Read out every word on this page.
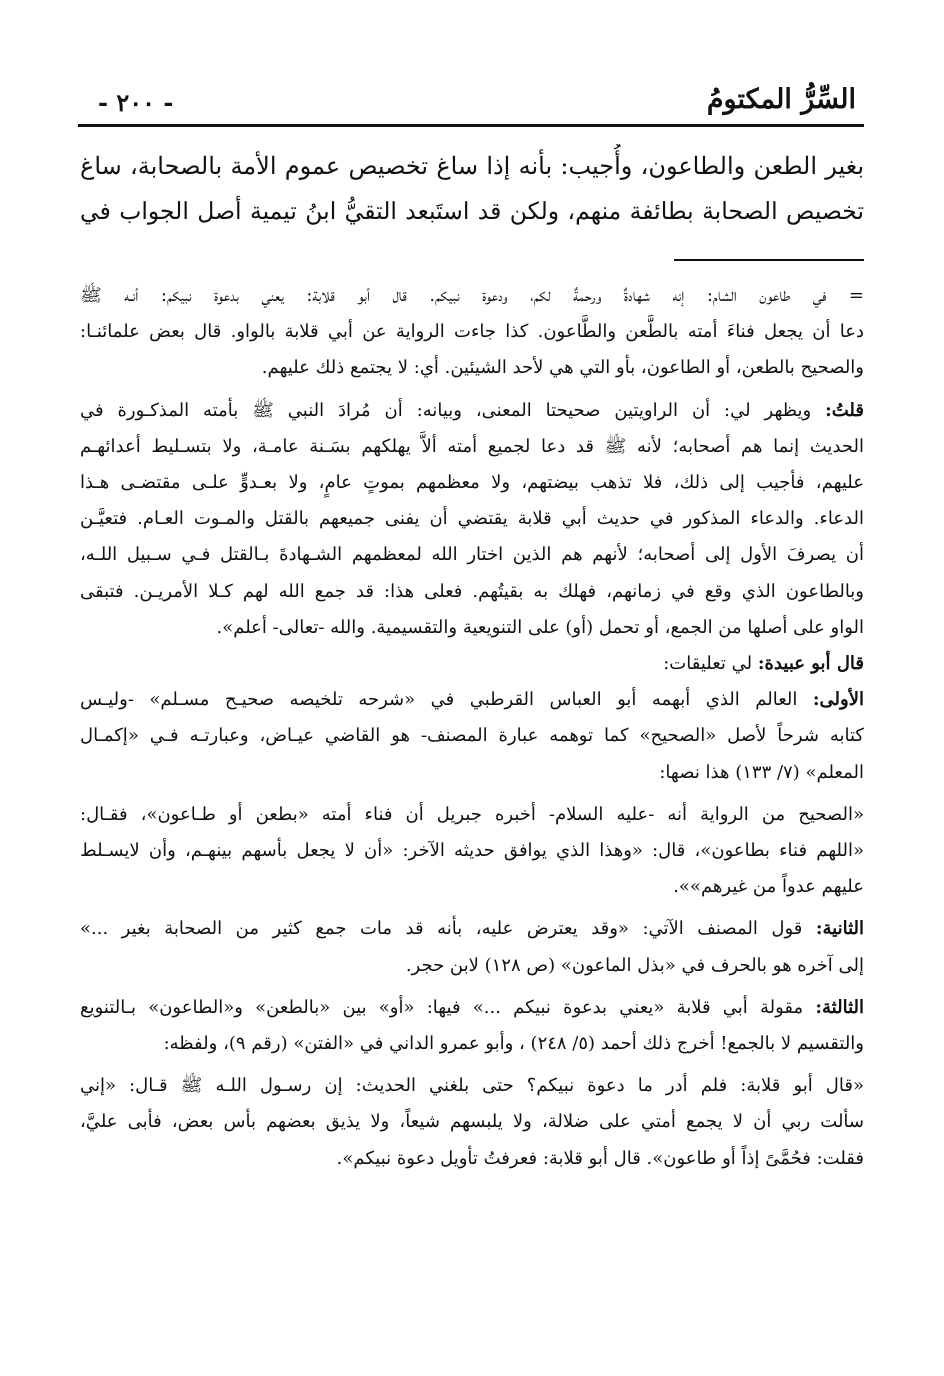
السِّرُّ المكتومُ
- ٢٠٠ -

بغير الطعن والطاعون، وأُجيب: بأنه إذا ساغ تخصيص عموم الأمة بالصحابة، ساغ

تخصيص الصحابة بطائفة منهم، ولكن قد استَبعد التقيُّ ابنُ تيمية أصل الجواب في

= في طاعون الشام: إنه شهادةٌ ورحمةٌ لكم، ودعوة نبيكم. قال أبو قلابة: يعني بدعوة نبيكم: أنـه ﷺ

دعا أن يجعل فناءَ أمته بالطَّعن والطَّاعون. كذا جاءت الرواية عن أبي قلابة بالواو. قال بعض علمائنـا:

والصحيح بالطعن، أو الطاعون، بأو التي هي لأحد الشيئين. أي: لا يجتمع ذلك عليهم.

قلتُ: ويظهر لي: أن الراويتين صحيحتا المعنى، وبيانه: أن مُرادَ النبي ﷺ بأمته المذكـورة في

الحديث إنما هم أصحابه؛ لأنه ﷺ قد دعا لجميع أمته ألاَّ يهلكهم بسَـنة عامـة، ولا بتسـليط أعدائهـم

عليهم، فأجيب إلى ذلك، فلا تذهب بيضتهم، ولا معظمهم بموتٍ عامٍ، ولا بعـدوٍّ علـى مقتضـى هـذا

الدعاء. والدعاء المذكور في حديث أبي قلابة يقتضي أن يفنى جميعهم بالقتل والمـوت العـام. فتعيَّـن

أن يصرفَ الأول إلى أصحابه؛ لأنهم هم الذين اختار الله لمعظمهم الشـهادةَ بـالقتل فـي سـبيل اللـه،

وبالطاعون الذي وقع في زمانهم، فهلك به بقيتُهم. فعلى هذا: قد جمع الله لهم كـلا الأمريـن. فتبقى

الواو على أصلها من الجمع، أو تحمل (أو) على التنويعية والتقسيمية. والله -تعالى- أعلم».

قال أبو عبيدة: لي تعليقات:

الأولى: العالم الذي أبهمه أبو العباس القرطبي في «شرحه تلخيصه صحيـح مسـلم» -وليـس

كتابه شرحاً لأصل «الصحيح» كما توهمه عبارة المصنف- هو القاضي عيـاض، وعبارتـه فـي «إكمـال

المعلم» (٧/ ١٣٣) هذا نصها:

«الصحيح من الرواية أنه -عليه السلام- أخبره جبريل أن فناء أمته «بطعن أو طـاعون»، فقـال:

«اللهم فناء بطاعون»، قال: «وهذا الذي يوافق حديثه الآخر: «أن لا يجعل بأسهم بينهـم، وأن لايسـلط

عليهم عدواً من غيرهم»».

الثانية: قول المصنف الآتي: «وقد يعترض عليه، بأنه قد مات جمع كثير من الصحابة بغير ...»

إلى آخره هو بالحرف في «بذل الماعون» (ص ١٢٨) لابن حجر.

الثالثة: مقولة أبي قلابة «يعني بدعوة نبيكم ...» فيها: «أو» بين «بالطعن» و«الطاعون» بـالتنويع

والتقسيم لا بالجمع! أخرج ذلك أحمد (٥/ ٢٤٨) ، وأبو عمرو الداني في «الفتن» (رقم ٩)، ولفظه:

«قال أبو قلابة: فلم أدر ما دعوة نبيكم؟ حتى بلغني الحديث: إن رسـول اللـه ﷺ قـال: «إني

سألت ربي أن لا يجمع أمتي على ضلالة، ولا يلبسهم شيعاً، ولا يذيق بعضهم بأس بعض، فأبى عليَّ،

فقلت: فحُمَّىً إذاً أو طاعون». قال أبو قلابة: فعرفتُ تأويل دعوة نبيكم».
